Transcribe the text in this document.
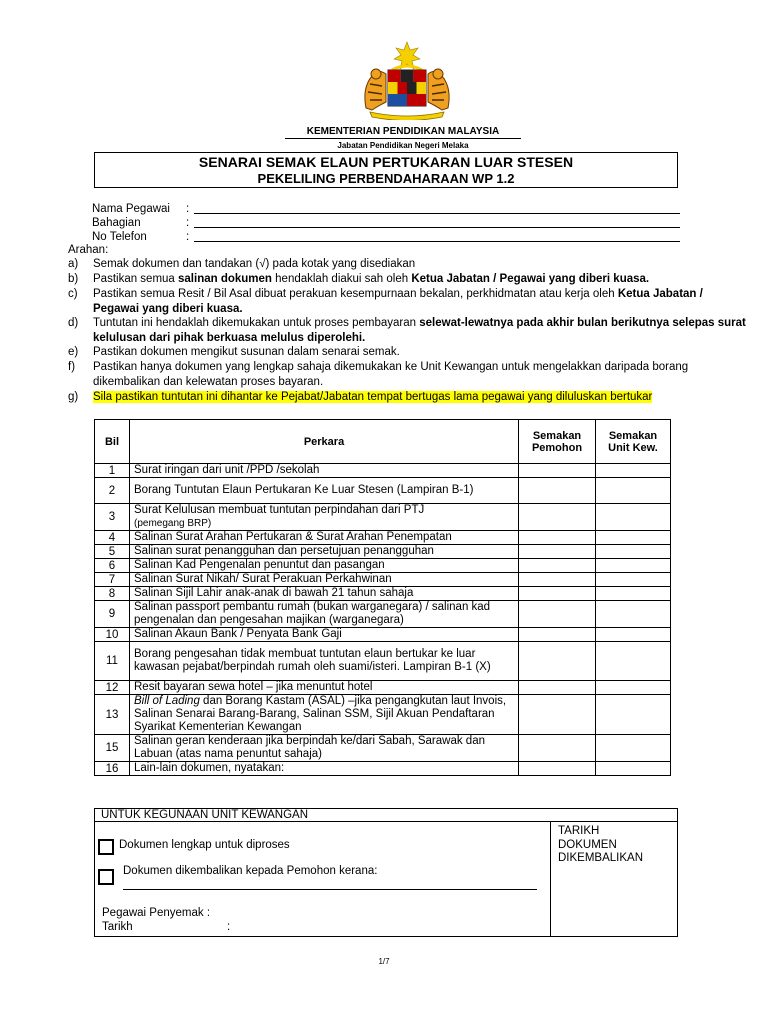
KEMENTERIAN PENDIDIKAN MALAYSIA
Jabatan Pendidikan Negeri Melaka
SENARAI SEMAK ELAUN PERTUKARAN LUAR STESEN
PEKELILING PERBENDAHARAAN WP 1.2
Nama Pegawai	:
Bahagian	:
No Telefon	:
Arahan:
a) Semak dokumen dan tandakan (√) pada kotak yang disediakan
b) Pastikan semua salinan dokumen hendaklah diakui sah oleh Ketua Jabatan / Pegawai yang diberi kuasa.
c) Pastikan semua Resit / Bil Asal dibuat perakuan kesempurnaan bekalan, perkhidmatan atau kerja oleh Ketua Jabatan / Pegawai yang diberi kuasa.
d) Tuntutan ini hendaklah dikemukakan untuk proses pembayaran selewat-lewatnya pada akhir bulan berikutnya selepas surat kelulusan dari pihak berkuasa melulus diperolehi.
e) Pastikan dokumen mengikut susunan dalam senarai semak.
f) Pastikan hanya dokumen yang lengkap sahaja dikemukakan ke Unit Kewangan untuk mengelakkan daripada borang dikembalikan dan kelewatan proses bayaran.
g) Sila pastikan tuntutan ini dihantar ke Pejabat/Jabatan tempat bertugas lama pegawai yang diluluskan bertukar
Bil	Perkara	Semakan Pemohon	Semakan Unit Kew.
1	Surat iringan dari unit /PPD /sekolah		
2	Borang Tuntutan Elaun Pertukaran Ke Luar Stesen (Lampiran B-1)		
3	Surat Kelulusan membuat tuntutan perpindahan dari PTJ
(pemegang BRP)		
4	Salinan Surat Arahan Pertukaran & Surat Arahan Penempatan		
5	Salinan surat penangguhan dan persetujuan penangguhan		
6	Salinan Kad Pengenalan penuntut dan pasangan		
7	Salinan Surat Nikah/ Surat Perakuan Perkahwinan		
8	Salinan Sijil Lahir anak-anak di bawah 21 tahun sahaja		
9	Salinan passport pembantu rumah (bukan warganegara) / salinan kad pengenalan dan pengesahan majikan (warganegara)		
10	Salinan Akaun Bank / Penyata Bank Gaji		
11	Borang pengesahan tidak membuat tuntutan elaun bertukar ke luar kawasan pejabat/berpindah rumah oleh suami/isteri. Lampiran B-1 (X)		
12	Resit bayaran sewa hotel – jika menuntut hotel		
13	Bill of Lading dan Borang Kastam (ASAL) –jika pengangkutan laut Invois, Salinan Senarai Barang-Barang, Salinan SSM, Sijil Akuan Pendaftaran Syarikat Kementerian Kewangan		
15	Salinan geran kenderaan jika berpindah ke/dari Sabah, Sarawak dan Labuan (atas nama penuntut sahaja)		
16	Lain-lain dokumen, nyatakan:		
UNTUK KEGUNAAN UNIT KEWANGAN
TARIKH
DOKUMEN
DIKEMBALIKAN
Dokumen lengkap untuk diproses
Dokumen dikembalikan kepada Pemohon kerana:
Pegawai Penyemak :
Tarikh	:
1/7
